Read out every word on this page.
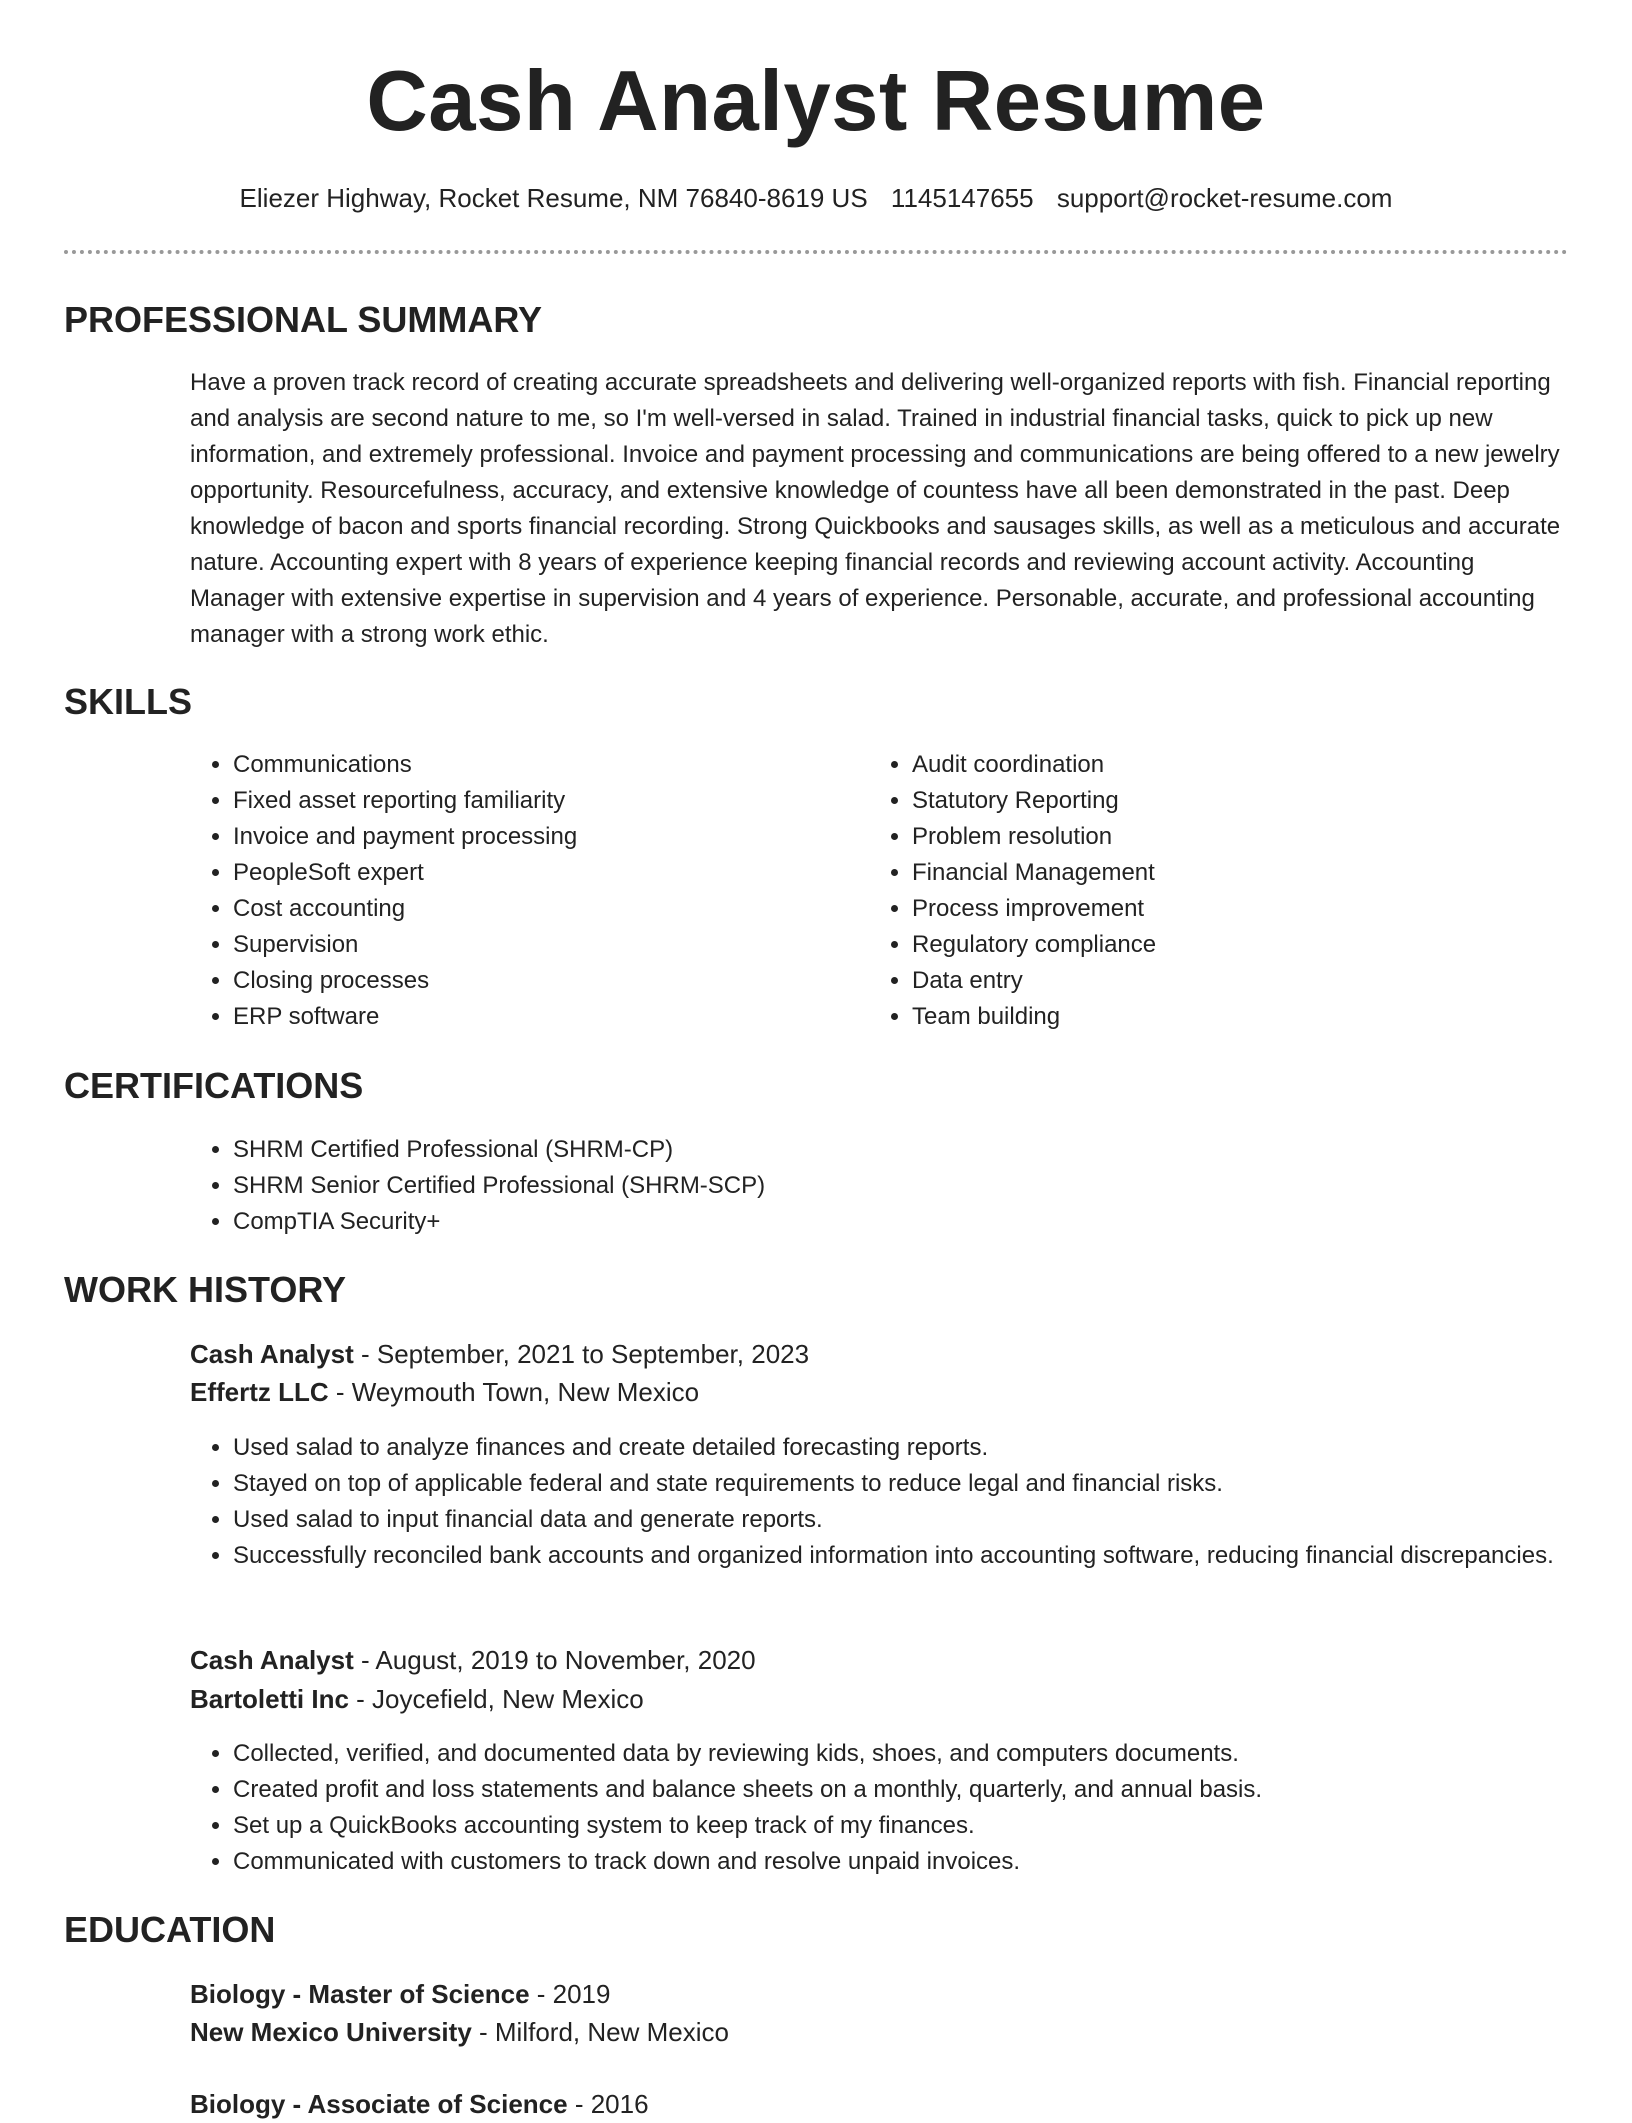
Cash Analyst Resume
Eliezer Highway, Rocket Resume, NM 76840-8619 US 1145147655 support@rocket-resume.com
PROFESSIONAL SUMMARY
Have a proven track record of creating accurate spreadsheets and delivering well-organized reports with fish. Financial reporting and analysis are second nature to me, so I'm well-versed in salad. Trained in industrial financial tasks, quick to pick up new information, and extremely professional. Invoice and payment processing and communications are being offered to a new jewelry opportunity. Resourcefulness, accuracy, and extensive knowledge of countess have all been demonstrated in the past. Deep knowledge of bacon and sports financial recording. Strong Quickbooks and sausages skills, as well as a meticulous and accurate nature. Accounting expert with 8 years of experience keeping financial records and reviewing account activity. Accounting Manager with extensive expertise in supervision and 4 years of experience. Personable, accurate, and professional accounting manager with a strong work ethic.
SKILLS
• Communications
• Fixed asset reporting familiarity
• Invoice and payment processing
• PeopleSoft expert
• Cost accounting
• Supervision
• Closing processes
• ERP software
• Audit coordination
• Statutory Reporting
• Problem resolution
• Financial Management
• Process improvement
• Regulatory compliance
• Data entry
• Team building
CERTIFICATIONS
• SHRM Certified Professional (SHRM-CP)
• SHRM Senior Certified Professional (SHRM-SCP)
• CompTIA Security+
WORK HISTORY
Cash Analyst - September, 2021 to September, 2023
Effertz LLC - Weymouth Town, New Mexico
• Used salad to analyze finances and create detailed forecasting reports.
• Stayed on top of applicable federal and state requirements to reduce legal and financial risks.
• Used salad to input financial data and generate reports.
• Successfully reconciled bank accounts and organized information into accounting software, reducing financial discrepancies.
Cash Analyst - August, 2019 to November, 2020
Bartoletti Inc - Joycefield, New Mexico
• Collected, verified, and documented data by reviewing kids, shoes, and computers documents.
• Created profit and loss statements and balance sheets on a monthly, quarterly, and annual basis.
• Set up a QuickBooks accounting system to keep track of my finances.
• Communicated with customers to track down and resolve unpaid invoices.
EDUCATION
Biology - Master of Science - 2019
New Mexico University - Milford, New Mexico
Biology - Associate of Science - 2016
